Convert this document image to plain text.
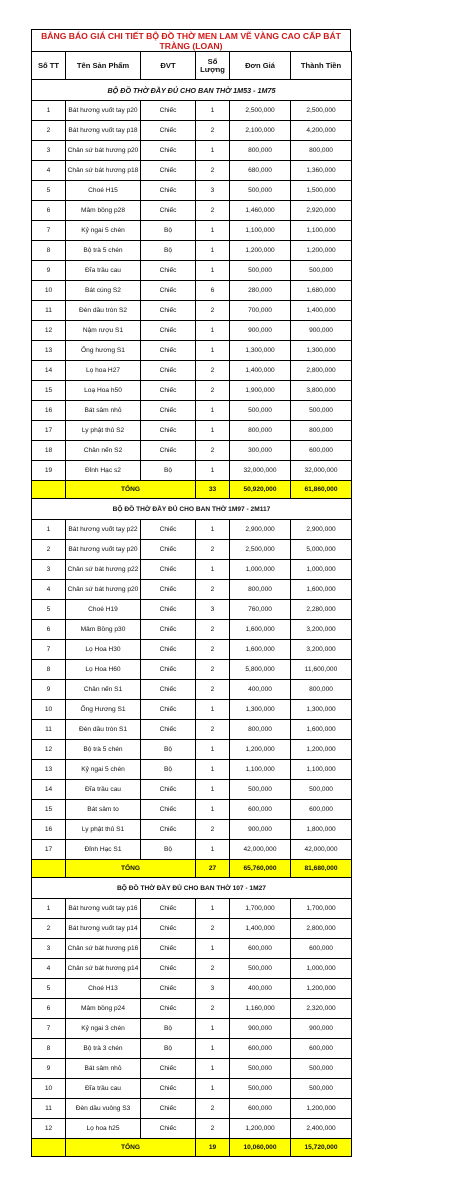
BẢNG BÁO GIÁ CHI TIẾT BỘ ĐỒ THỜ MEN LAM VẼ VÀNG CAO CẤP BÁT TRÀNG (LOAN)
Số TT	Tên Sản Phẩm	ĐVT	Số Lượng	Đơn Giá	Thành Tiền
BỘ ĐỒ THỜ ĐẦY ĐỦ CHO BAN THỜ 1M53 - 1M75					
1	Bát hương vuốt tay p20	Chiếc	1	2,500,000	2,500,000
2	Bát hương vuốt tay p18	Chiếc	2	2,100,000	4,200,000
3	Chân sứ bát hương p20	Chiếc	1	800,000	800,000
4	Chân sứ bát hương p18	Chiếc	2	680,000	1,360,000
5	Choé H15	Chiếc	3	500,000	1,500,000
6	Mâm bồng p28	Chiếc	2	1,460,000	2,920,000
7	Kỷ ngai 5 chén	Bộ	1	1,100,000	1,100,000
8	Bộ trà 5 chén	Bộ	1	1,200,000	1,200,000
9	Đĩa trầu cau	Chiếc	1	500,000	500,000
10	Bát cúng S2	Chiếc	6	280,000	1,680,000
11	Đèn dầu tròn S2	Chiếc	2	700,000	1,400,000
12	Nậm rượu S1	Chiếc	1	900,000	900,000
13	Ống hương S1	Chiếc	1	1,300,000	1,300,000
14	Lọ hoa H27	Chiếc	2	1,400,000	2,800,000
15	Loạ Hoa h50	Chiếc	2	1,900,000	3,800,000
16	Bát sâm nhỏ	Chiếc	1	500,000	500,000
17	Ly phật thủ S2	Chiếc	1	800,000	800,000
18	Chân nến S2	Chiếc	2	300,000	600,000
19	Đỉnh Hạc s2	Bộ	1	32,000,000	32,000,000
	TỔNG		33	50,920,000	61,860,000
BỘ ĐỒ THỜ ĐẦY ĐỦ CHO BAN THỜ 1M97 - 2M117					
1	Bát hương vuốt tay p22	Chiếc	1	2,900,000	2,900,000
2	Bát hương vuốt tay p20	Chiếc	2	2,500,000	5,000,000
3	Chân sứ bát hương p22	Chiếc	1	1,000,000	1,000,000
4	Chân sứ bát hương p20	Chiếc	2	800,000	1,600,000
5	Choé H19	Chiếc	3	760,000	2,280,000
6	Mâm Bồng p30	Chiếc	2	1,600,000	3,200,000
7	Lọ Hoa H30	Chiếc	2	1,600,000	3,200,000
8	Lọ Hoa H60	Chiếc	2	5,800,000	11,600,000
9	Chân nến S1	Chiếc	2	400,000	800,000
10	Ống Hương S1	Chiếc	1	1,300,000	1,300,000
11	Đèn dầu tròn S1	Chiếc	2	800,000	1,600,000
12	Bộ trà 5 chén	Bộ	1	1,200,000	1,200,000
13	Kỷ ngai 5 chén	Bộ	1	1,100,000	1,100,000
14	Đĩa trầu cau	Chiếc	1	500,000	500,000
15	Bát sâm to	Chiếc	1	600,000	600,000
16	Ly phật thủ S1	Chiếc	2	900,000	1,800,000
17	Đỉnh Hạc S1	Bộ	1	42,000,000	42,000,000
	TỔNG		27	65,760,000	81,680,000
BỘ ĐỒ THỜ ĐẦY ĐỦ CHO BAN THỜ 107 - 1M27					
1	Bát hương vuốt tay p16	Chiếc	1	1,700,000	1,700,000
2	Bát hương vuốt tay p14	Chiếc	2	1,400,000	2,800,000
3	Chân sứ bát hương p16	Chiếc	1	600,000	600,000
4	Chân sứ bát hương p14	Chiếc	2	500,000	1,000,000
5	Choé H13	Chiếc	3	400,000	1,200,000
6	Mâm bồng p24	Chiếc	2	1,160,000	2,320,000
7	Kỷ ngai 3 chén	Bộ	1	900,000	900,000
8	Bộ trà 3 chén	Bộ	1	600,000	600,000
9	Bát sâm nhỏ	Chiếc	1	500,000	500,000
10	Đĩa trầu cau	Chiếc	1	500,000	500,000
11	Đèn dầu vuông S3	Chiếc	2	600,000	1,200,000
12	Lọ hoa h25	Chiếc	2	1,200,000	2,400,000
	TỔNG		19	10,060,000	15,720,000
